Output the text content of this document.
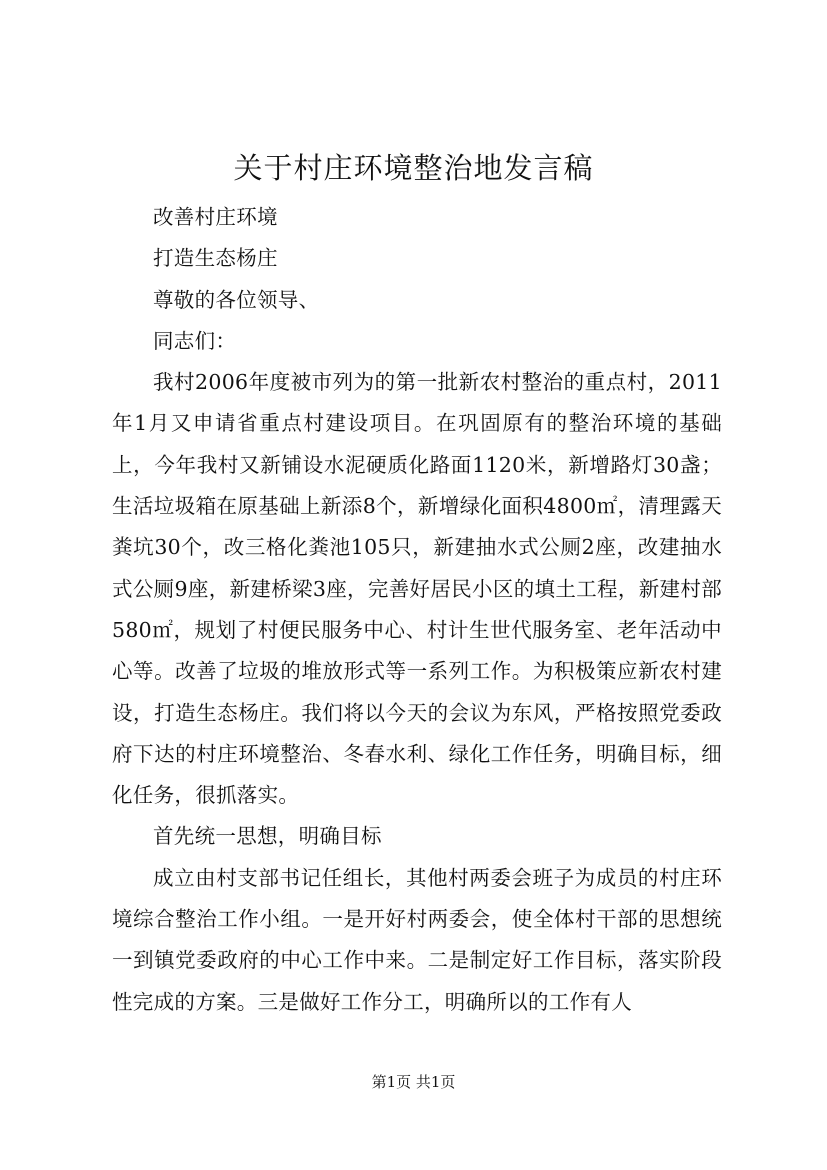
关于村庄环境整治地发言稿

改善村庄环境

打造生态杨庄

尊敬的各位领导、

同志们：

我村2006年度被市列为的第一批新农村整治的重点村，2011年1月又申请省重点村建设项目。在巩固原有的整治环境的基础上，今年我村又新铺设水泥硬质化路面1120米，新增路灯30盏；生活垃圾箱在原基础上新添8个，新增绿化面积4800㎡，清理露天粪坑30个，改三格化粪池105只，新建抽水式公厕2座，改建抽水式公厕9座，新建桥梁3座，完善好居民小区的填土工程，新建村部580㎡，规划了村便民服务中心、村计生世代服务室、老年活动中心等。改善了垃圾的堆放形式等一系列工作。为积极策应新农村建设，打造生态杨庄。我们将以今天的会议为东风，严格按照党委政府下达的村庄环境整治、冬春水利、绿化工作任务，明确目标，细化任务，很抓落实。

首先统一思想，明确目标

成立由村支部书记任组长，其他村两委会班子为成员的村庄环境综合整治工作小组。一是开好村两委会，使全体村干部的思想统一到镇党委政府的中心工作中来。二是制定好工作目标，落实阶段性完成的方案。三是做好工作分工，明确所以的工作有人

第1页 共1页
